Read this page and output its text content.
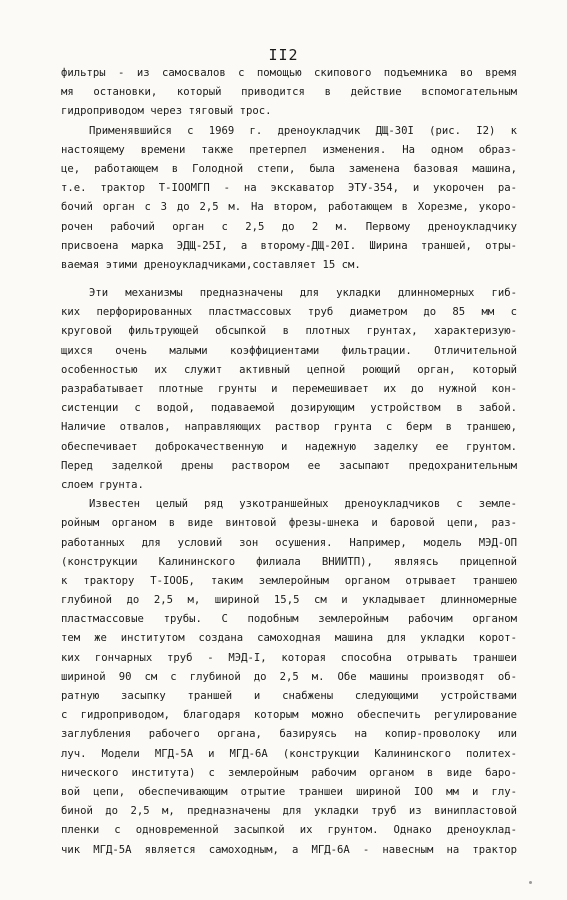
II2
фильтры - из самосвалов с помощью скипового подъемника во время
мя остановки, который приводится в действие вспомогательным
гидроприводом через тяговый трос.
Применявшийся с 1969 г. дреноукладчик ДЩ-30I (рис. I2) к
настоящему времени также претерпел изменения. На одном образ-
це, работающем в Голодной степи, была заменена базовая машина,
т.е. трактор Т-IООМГП - на экскаватор ЭТУ-354, и укорочен ра-
бочий орган с 3 до 2,5 м. На втором, работающем в Хорезме, укоро-
рочен рабочий орган с 2,5 до 2 м. Первому дреноукладчику
присвоена марка ЭДЩ-25I, а второму-ДЩ-20I. Ширина траншей, отры-
ваемая этими дреноукладчиками,составляет 15 см.
Эти механизмы предназначены для укладки длинномерных гиб-
ких перфорированных пластмассовых труб диаметром до 85 мм с
круговой фильтрующей обсыпкой в плотных грунтах, характеризую-
щихся очень малыми коэффициентами фильтрации. Отличительной
особенностью их служит активный цепной роющий орган, который
разрабатывает плотные грунты и перемешивает их до нужной кон-
систенции с водой, подаваемой дозирующим устройством в забой.
Наличие отвалов, направляющих раствор грунта с берм в траншею,
обеспечивает доброкачественную и надежную заделку ее грунтом.
Перед заделкой дрены раствором ее засыпают предохранительным
слоем грунта.
Известен целый ряд узкотраншейных дреноукладчиков с земле-
ройным органом в виде винтовой фрезы-шнека и баровой цепи, раз-
работанных для условий зон осушения. Например, модель МЭД-ОП
(конструкции Калининского филиала ВНИИТП), являясь прицепной
к трактору Т-IООБ, таким землеройным органом отрывает траншею
глубиной до 2,5 м, шириной 15,5 см и укладывает длинномерные
пластмассовые трубы. С подобным землеройным рабочим органом
тем же институтом создана самоходная машина для укладки корот-
ких гончарных труб - МЭД-I, которая способна отрывать траншеи
шириной 90 см с глубиной до 2,5 м. Обе машины производят об-
ратную засыпку траншей и снабжены следующими устройствами
с гидроприводом, благодаря которым можно обеспечить регулирование
заглубления рабочего органа, базируясь на копир-проволоку или
луч. Модели МГД-5А и МГД-6А (конструкции Калининского политех-
нического института) с землеройным рабочим органом в виде баро-
вой цепи, обеспечивающим отрытие траншеи шириной IОО мм и глу-
биной до 2,5 м, предназначены для укладки труб из винипластовой
пленки с одновременной засыпкой их грунтом. Однако дреноуклад-
чик МГД-5А является самоходным, а МГД-6А - навесным на трактор
